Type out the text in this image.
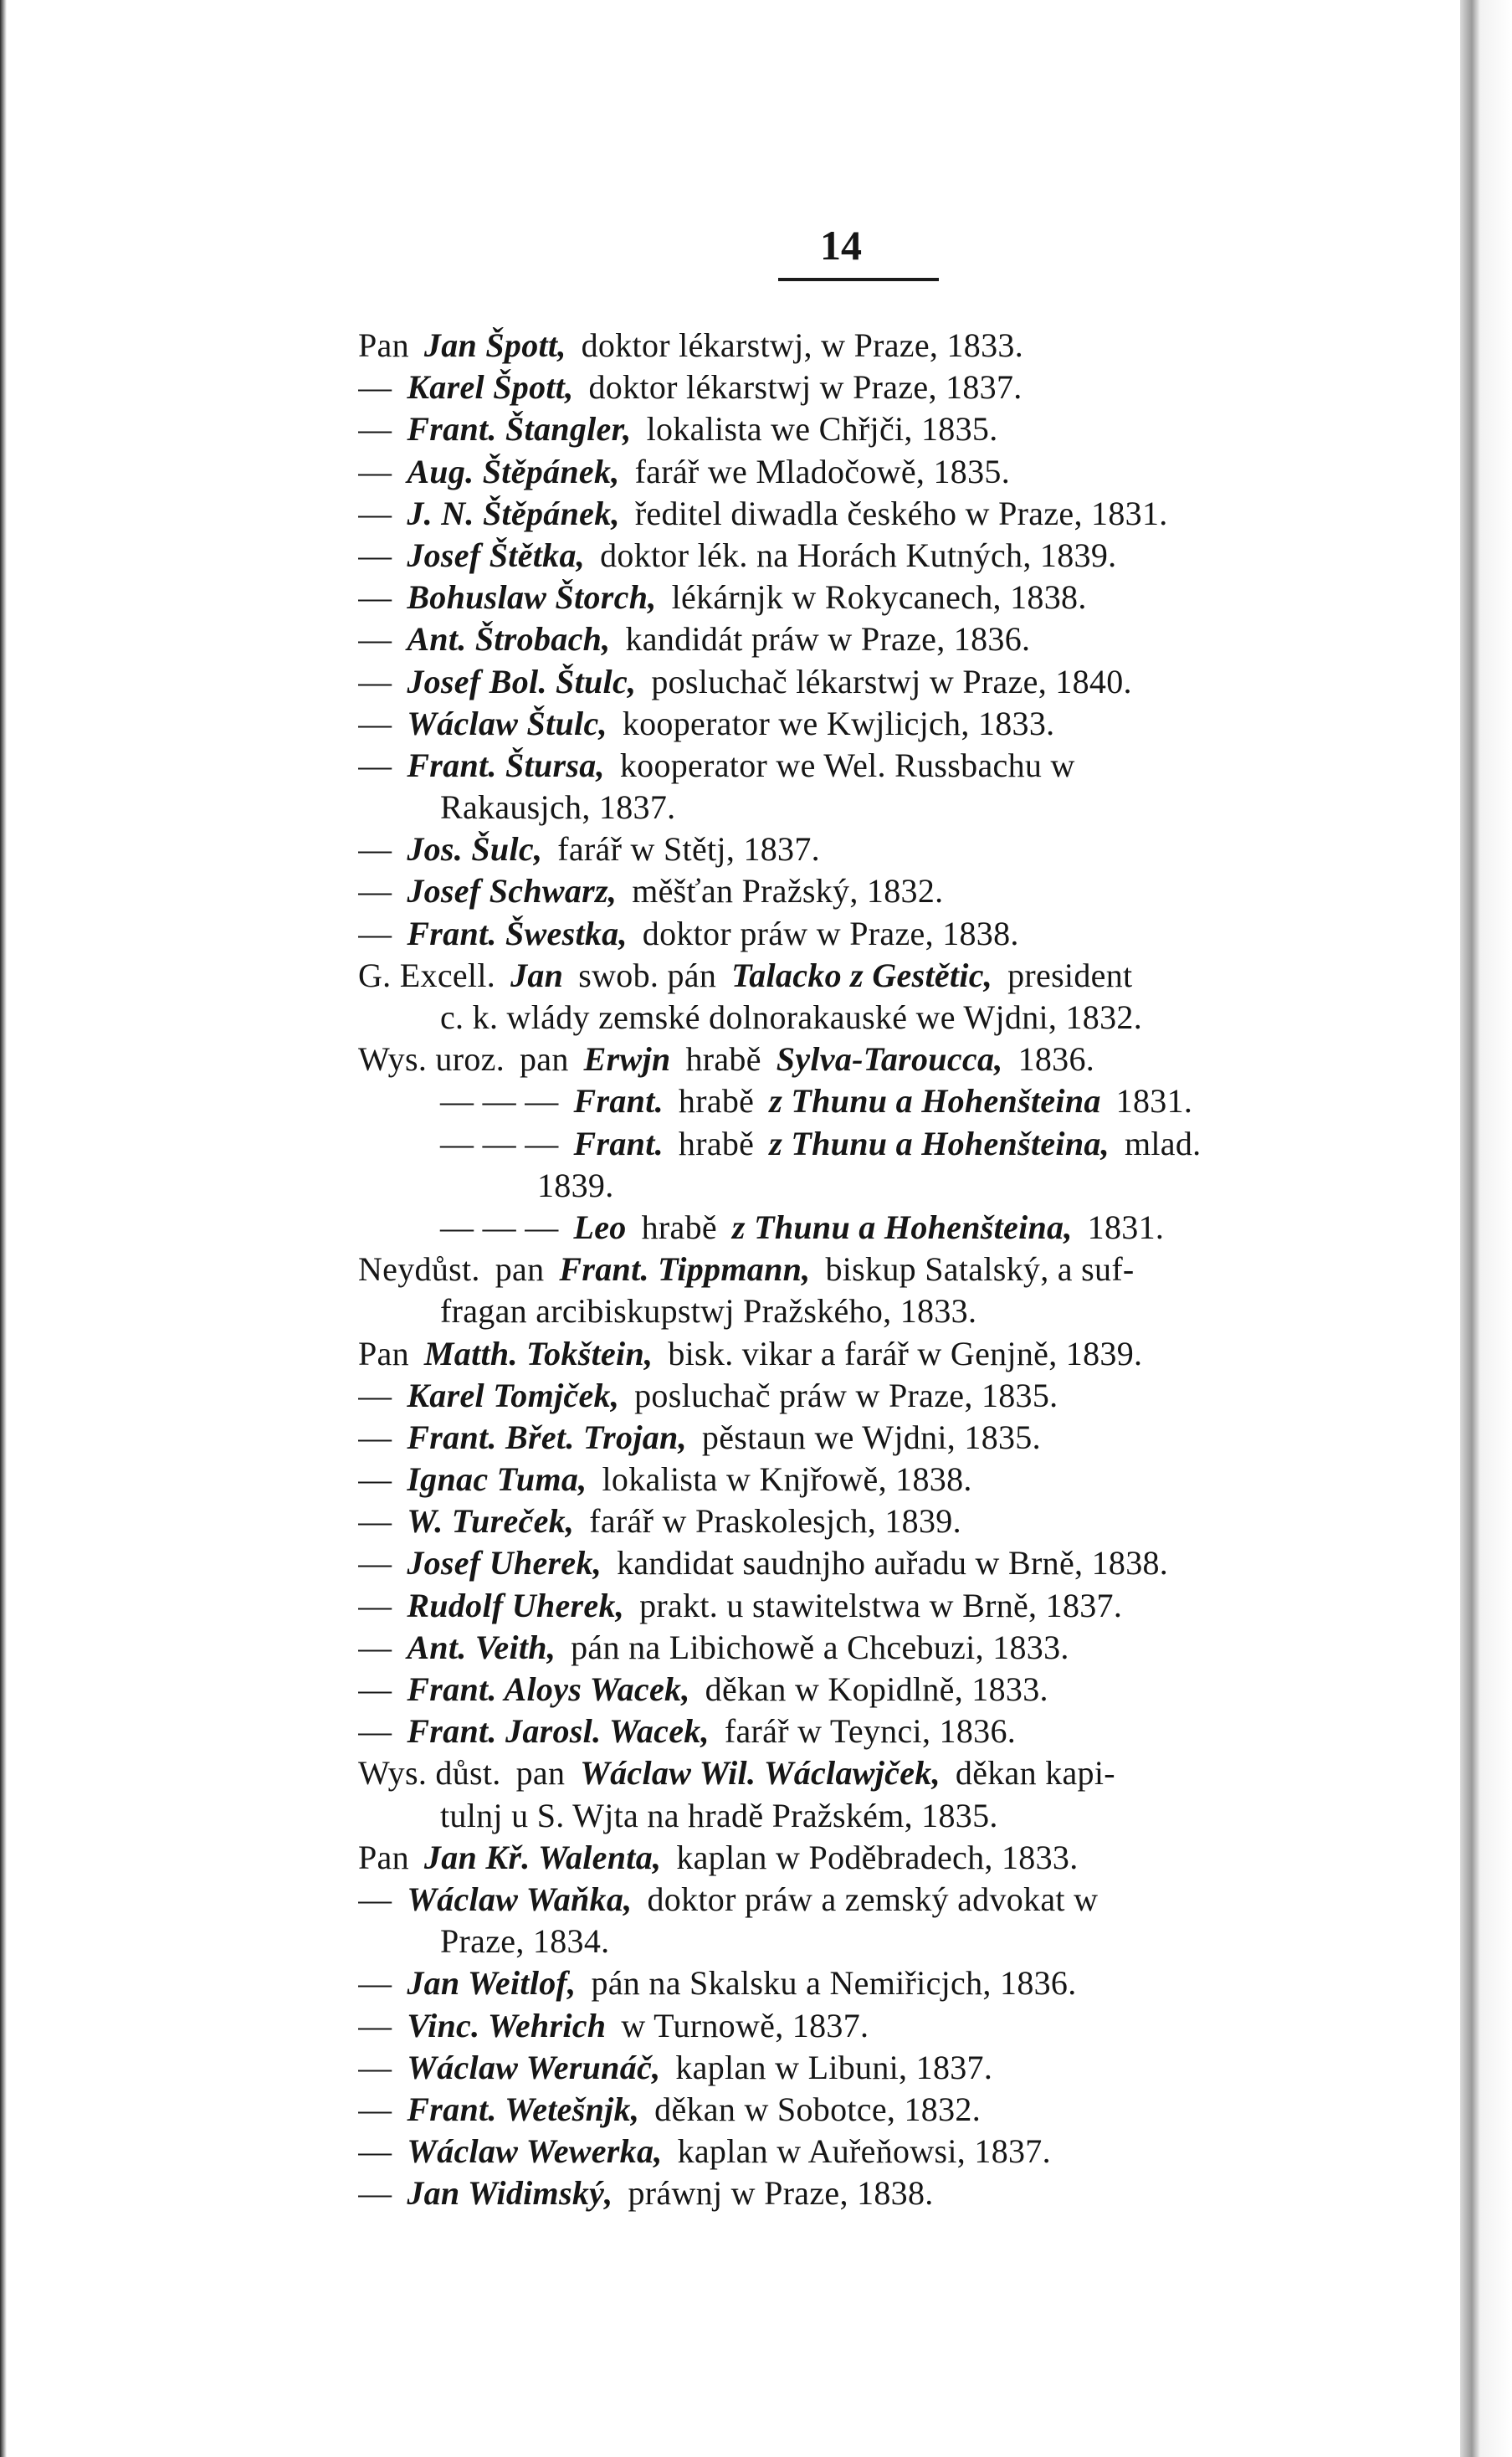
14
Pan Jan Špott, doktor lékarstwj, w Praze, 1833.
— Karel Špott, doktor lékarstwj w Praze, 1837.
— Frant. Štangler, lokalista we Chřjči, 1835.
— Aug. Štěpánek, farář we Mladočowě, 1835.
— J. N. Štěpánek, ředitel diwadla českého w Praze, 1831.
— Josef Štětka, doktor lék. na Horách Kutných, 1839.
— Bohuslaw Štorch, lékárnjk w Rokycanech, 1838.
— Ant. Štrobach, kandidát práw w Praze, 1836.
— Josef Bol. Štulc, posluchač lékarstwj w Praze, 1840.
— Wáclaw Štulc, kooperator we Kwjlicjch, 1833.
— Frant. Štursa, kooperator we Wel. Russbachu w
Rakausjch, 1837.
— Jos. Šulc, farář w Stětj, 1837.
— Josef Schwarz, měšťan Pražský, 1832.
— Frant. Šwestka, doktor práw w Praze, 1838.
G. Excell. Jan swob. pán Talacko z Gestětic, president
c. k. wlády zemské dolnorakauské we Wjdni, 1832.
Wys. uroz. pan Erwjn hrabě Sylva-Taroucca, 1836.
— — — Frant. hrabě z Thunu a Hohenšteina 1831.
— — — Frant. hrabě z Thunu a Hohenšteina, mlad.
1839.
— — — Leo hrabě z Thunu a Hohenšteina, 1831.
Neydůst. pan Frant. Tippmann, biskup Satalský, a suf-
fragan arcibiskupstwj Pražského, 1833.
Pan Matth. Tokštein, bisk. vikar a farář w Genjně, 1839.
— Karel Tomjček, posluchač práw w Praze, 1835.
— Frant. Břet. Trojan, pěstaun we Wjdni, 1835.
— Ignac Tuma, lokalista w Knjřowě, 1838.
— W. Tureček, farář w Praskolesjch, 1839.
— Josef Uherek, kandidat saudnjho auřadu w Brně, 1838.
— Rudolf Uherek, prakt. u stawitelstwa w Brně, 1837.
— Ant. Veith, pán na Libichowě a Chcebuzi, 1833.
— Frant. Aloys Wacek, děkan w Kopidlně, 1833.
— Frant. Jarosl. Wacek, farář w Teynci, 1836.
Wys. důst. pan Wáclaw Wil. Wáclawjček, děkan kapi-
tulnj u S. Wjta na hradě Pražském, 1835.
Pan Jan Kř. Walenta, kaplan w Poděbradech, 1833.
— Wáclaw Waňka, doktor práw a zemský advokat w
Praze, 1834.
— Jan Weitlof, pán na Skalsku a Nemiřicjch, 1836.
— Vinc. Wehrich w Turnowě, 1837.
— Wáclaw Werunáč, kaplan w Libuni, 1837.
— Frant. Wetešnjk, děkan w Sobotce, 1832.
— Wáclaw Wewerka, kaplan w Auřeňowsi, 1837.
— Jan Widimský, práwnj w Praze, 1838.
